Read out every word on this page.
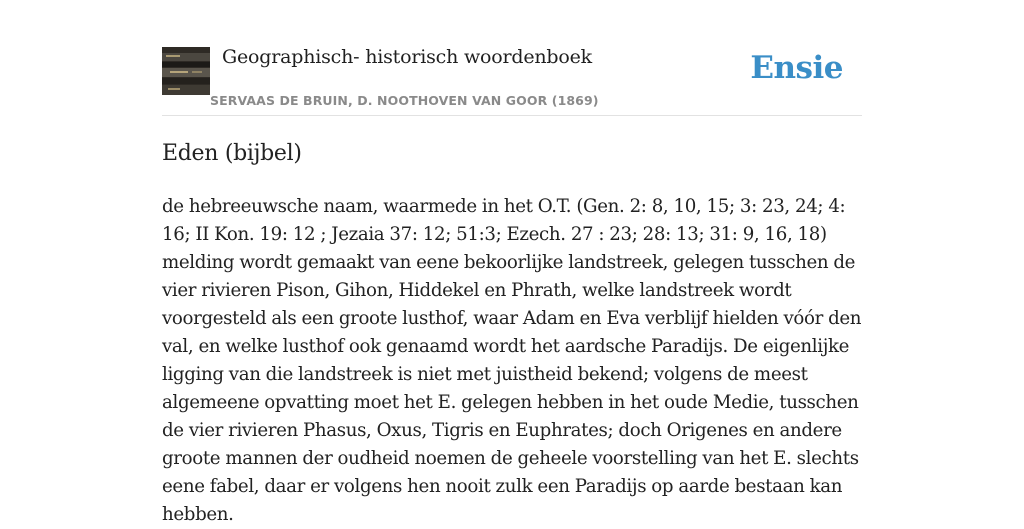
Geographisch- historisch woordenboek
SERVAAS DE BRUIN, D. NOOTHOVEN VAN GOOR (1869)
Ensie
Eden (bijbel)

de hebreeuwsche naam, waarmede in het O.T. (Gen. 2: 8, 10, 15; 3: 23, 24; 4: 16; II Kon. 19: 12 ; Jezaia 37: 12; 51:3; Ezech. 27 : 23; 28: 13; 31: 9, 16, 18) melding wordt gemaakt van eene bekoorlijke landstreek, gelegen tusschen de vier rivieren Pison, Gihon, Hiddekel en Phrath, welke landstreek wordt voorgesteld als een groote lusthof, waar Adam en Eva verblijf hielden vóór den val, en welke lusthof ook genaamd wordt het aardsche Paradijs. De eigenlijke ligging van die landstreek is niet met juistheid bekend; volgens de meest algemeene opvatting moet het E. gelegen hebben in het oude Medie, tusschen de vier rivieren Phasus, Oxus, Tigris en Euphrates; doch Origenes en andere groote mannen der oudheid noemen de geheele voorstelling van het E. slechts eene fabel, daar er volgens hen nooit zulk een Paradijs op aarde bestaan kan hebben.
